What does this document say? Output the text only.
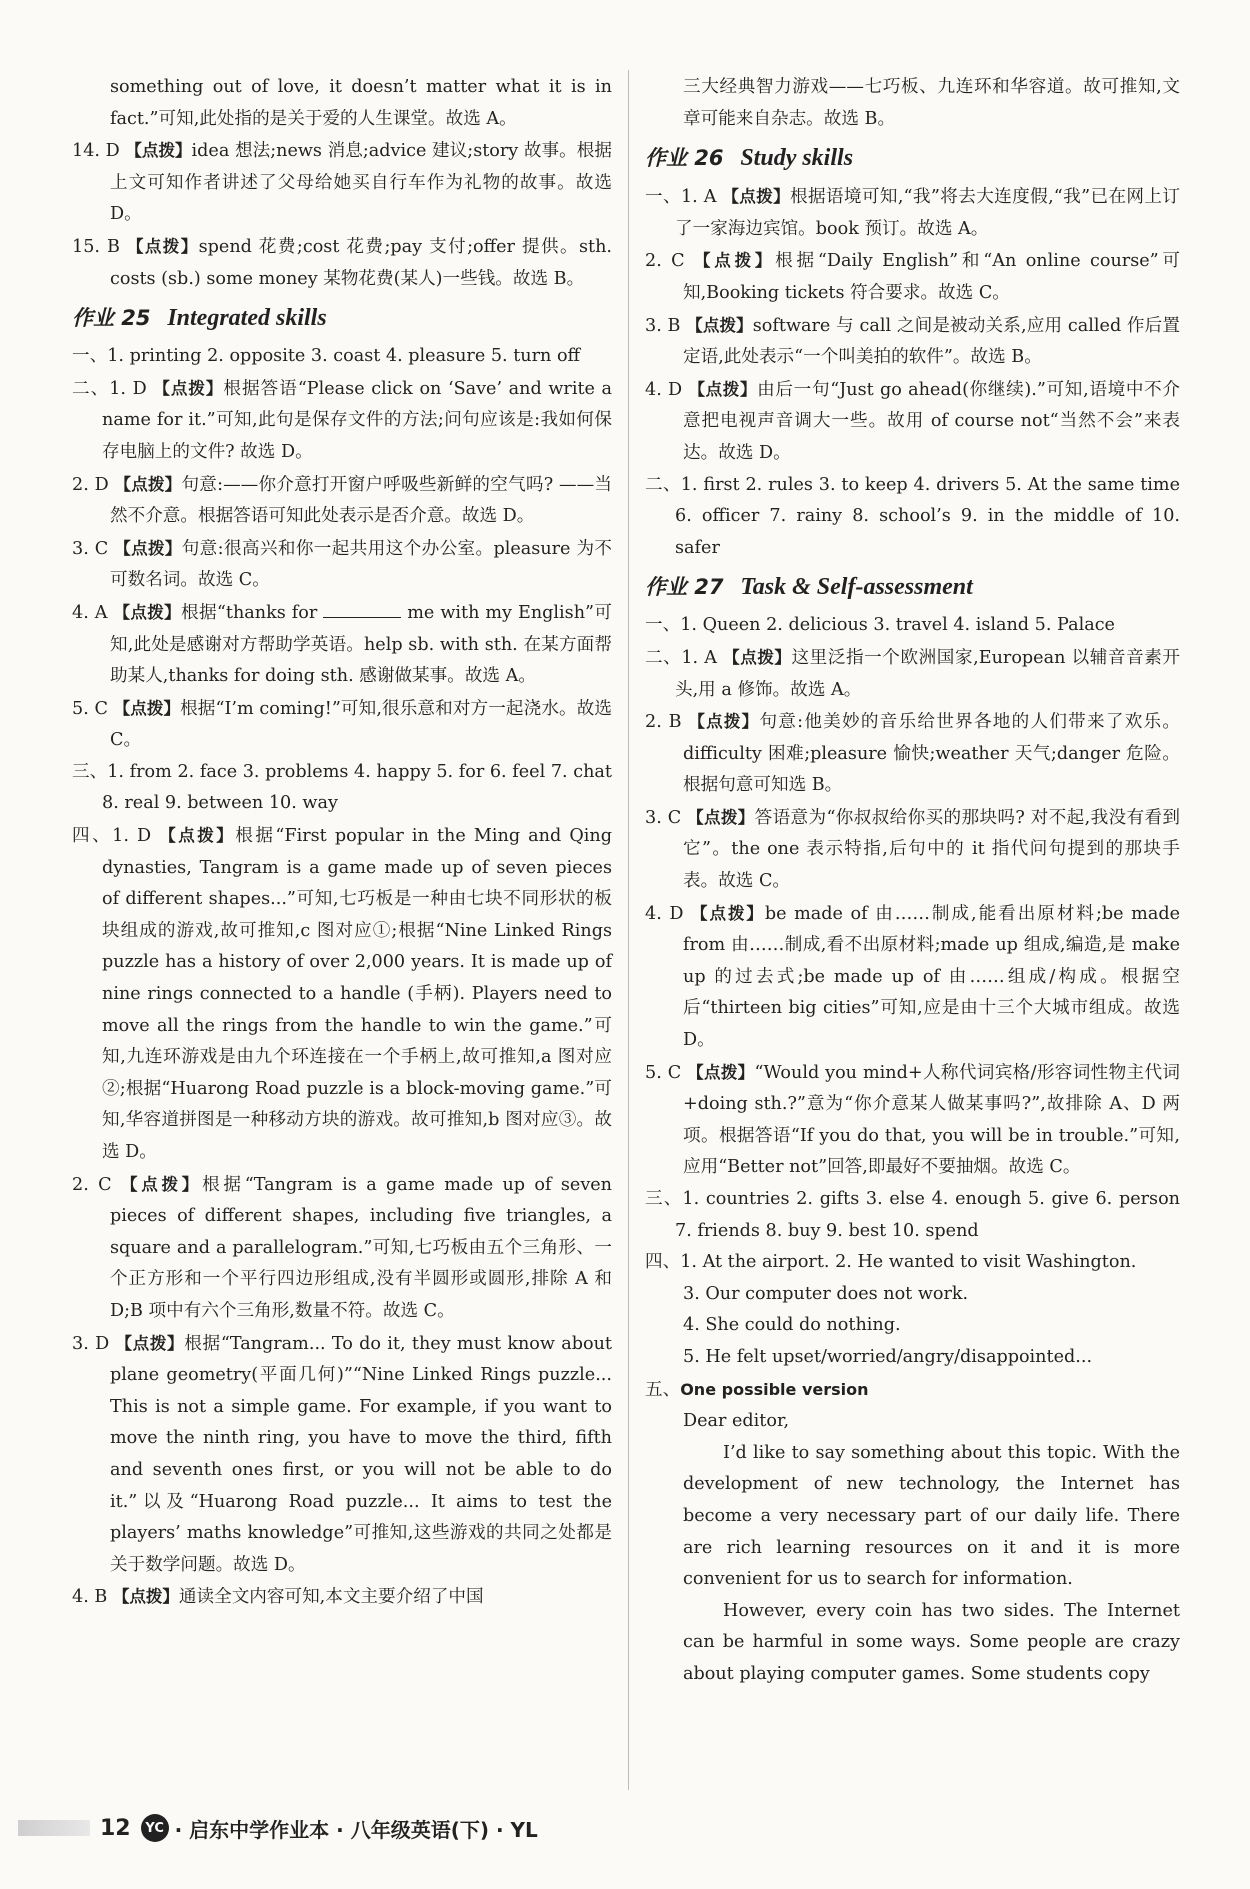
something out of love, it doesn’t matter what it is in fact.”可知,此处指的是关于爱的人生课堂。故选 A。

14. D 【点拨】idea 想法;news 消息;advice 建议;story 故事。根据上文可知作者讲述了父母给她买自行车作为礼物的故事。故选 D。

15. B 【点拨】spend 花费;cost 花费;pay 支付;offer 提供。sth. costs (sb.) some money 某物花费(某人)一些钱。故选 B。

作业 25 Integrated skills

一、1. printing 2. opposite 3. coast 4. pleasure 5. turn off

二、1. D 【点拨】根据答语“Please click on ‘Save’ and write a name for it.”可知,此句是保存文件的方法;问句应该是:我如何保存电脑上的文件? 故选 D。

2. D 【点拨】句意:——你介意打开窗户呼吸些新鲜的空气吗? ——当然不介意。根据答语可知此处表示是否介意。故选 D。

3. C 【点拨】句意:很高兴和你一起共用这个办公室。pleasure 为不可数名词。故选 C。

4. A 【点拨】根据“thanks for	me with my English”可知,此处是感谢对方帮助学英语。help sb. with sth. 在某方面帮助某人,thanks for doing sth. 感谢做某事。故选 A。

5. C 【点拨】根据“I’m coming!”可知,很乐意和对方一起浇水。故选 C。

三、1. from 2. face 3. problems 4. happy 5. for 6. feel 7. chat 8. real 9. between 10. way

四、1. D 【点拨】根据“First popular in the Ming and Qing dynasties, Tangram is a game made up of seven pieces of different shapes...”可知,七巧板是一种由七块不同形状的板块组成的游戏,故可推知,c 图对应①;根据“Nine Linked Rings puzzle has a history of over 2,000 years. It is made up of nine rings connected to a handle (手柄). Players need to move all the rings from the handle to win the game.”可知,九连环游戏是由九个环连接在一个手柄上,故可推知,a 图对应②;根据“Huarong Road puzzle is a block-moving game.”可知,华容道拼图是一种移动方块的游戏。故可推知,b 图对应③。故选 D。

2. C 【点拨】根据“Tangram is a game made up of seven pieces of different shapes, including five triangles, a square and a parallelogram.”可知,七巧板由五个三角形、一个正方形和一个平行四边形组成,没有半圆形或圆形,排除 A 和 D;B 项中有六个三角形,数量不符。故选 C。

3. D 【点拨】根据“Tangram... To do it, they must know about plane geometry(平面几何)”“Nine Linked Rings puzzle... This is not a simple game. For example, if you want to move the ninth ring, you have to move the third, fifth and seventh ones first, or you will not be able to do it.”以及“Huarong Road puzzle... It aims to test the players’ maths knowledge”可推知,这些游戏的共同之处都是关于数学问题。故选 D。

4. B 【点拨】通读全文内容可知,本文主要介绍了中国

三大经典智力游戏——七巧板、九连环和华容道。故可推知,文章可能来自杂志。故选 B。

作业 26 Study skills

一、1. A 【点拨】根据语境可知,“我”将去大连度假,“我”已在网上订了一家海边宾馆。book 预订。故选 A。

2. C 【点拨】根据“Daily English”和“An online course”可知,Booking tickets 符合要求。故选 C。

3. B 【点拨】software 与 call 之间是被动关系,应用 called 作后置定语,此处表示“一个叫美拍的软件”。故选 B。

4. D 【点拨】由后一句“Just go ahead(你继续).”可知,语境中不介意把电视声音调大一些。故用 of course not“当然不会”来表达。故选 D。

二、1. first 2. rules 3. to keep 4. drivers 5. At the same time 6. officer 7. rainy 8. school’s 9. in the middle of 10. safer

作业 27 Task & Self-assessment

一、1. Queen 2. delicious 3. travel 4. island 5. Palace

二、1. A 【点拨】这里泛指一个欧洲国家,European 以辅音音素开头,用 a 修饰。故选 A。

2. B 【点拨】句意:他美妙的音乐给世界各地的人们带来了欢乐。difficulty 困难;pleasure 愉快;weather 天气;danger 危险。根据句意可知选 B。

3. C 【点拨】答语意为“你叔叔给你买的那块吗? 对不起,我没有看到它”。the one 表示特指,后句中的 it 指代问句提到的那块手表。故选 C。

4. D 【点拨】be made of 由……制成,能看出原材料;be made from 由……制成,看不出原材料;made up 组成,编造,是 make up 的过去式;be made up of 由……组成/构成。根据空后“thirteen big cities”可知,应是由十三个大城市组成。故选 D。

5. C 【点拨】“Would you mind+人称代词宾格/形容词性物主代词+doing sth.?”意为“你介意某人做某事吗?”,故排除 A、D 两项。根据答语“If you do that, you will be in trouble.”可知,应用“Better not”回答,即最好不要抽烟。故选 C。

三、1. countries 2. gifts 3. else 4. enough 5. give 6. person 7. friends 8. buy 9. best 10. spend

四、1. At the airport. 2. He wanted to visit Washington.

3. Our computer does not work.

4. She could do nothing.

5. He felt upset/worried/angry/disappointed...

五、One possible version

Dear editor,

I’d like to say something about this topic. With the development of new technology, the Internet has become a very necessary part of our daily life. There are rich learning resources on it and it is more convenient for us to search for information.

However, every coin has two sides. The Internet can be harmful in some ways. Some people are crazy about playing computer games. Some students copy

12	YC · 启东中学作业本 · 八年级英语(下) · YL
